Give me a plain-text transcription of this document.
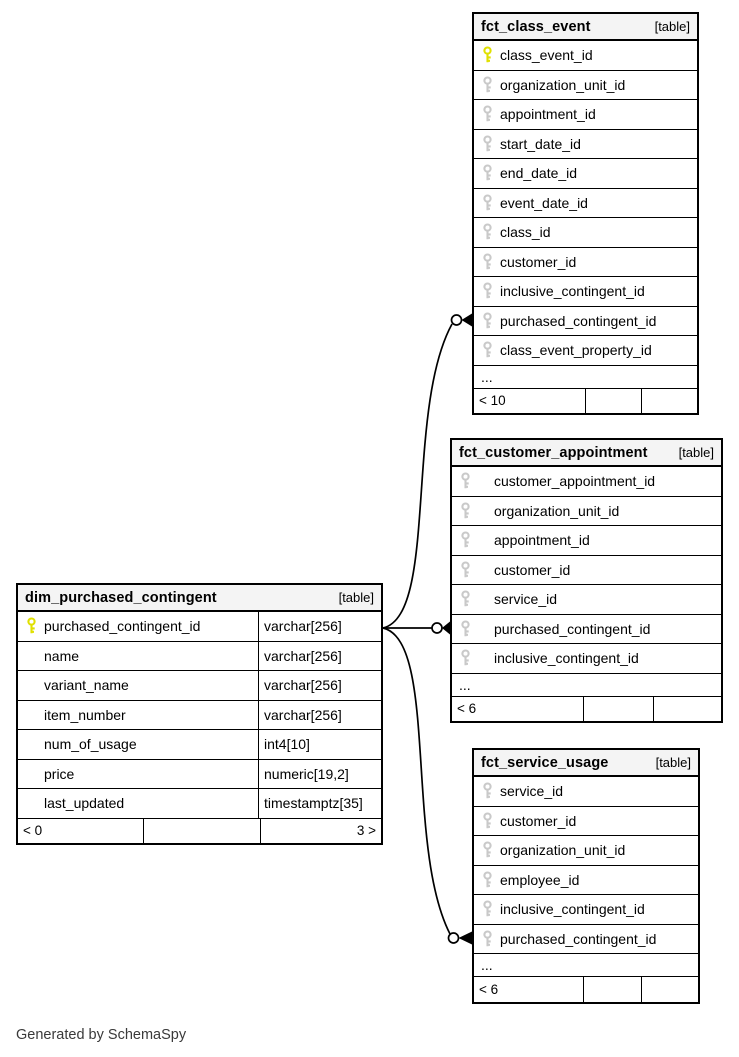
fct_class_event	[table]
class_event_id
organization_unit_id
appointment_id
start_date_id
end_date_id
event_date_id
class_id
customer_id
inclusive_contingent_id
purchased_contingent_id
class_event_property_id
...
< 10
fct_customer_appointment [table]
customer_appointment_id
organization_unit_id
appointment_id
customer_id
service_id
purchased_contingent_id
inclusive_contingent_id
...
< 6
dim_purchased_contingent	[table]
purchased_contingent_id	varchar[256]
name	varchar[256]
variant_name	varchar[256]
item_number	varchar[256]
num_of_usage	int4[10]
price	numeric[19,2]
last_updated	timestamptz[35]
< 0	3 >
fct_service_usage	[table]
service_id
customer_id
organization_unit_id
employee_id
inclusive_contingent_id
purchased_contingent_id
...
< 6
Generated by SchemaSpy
